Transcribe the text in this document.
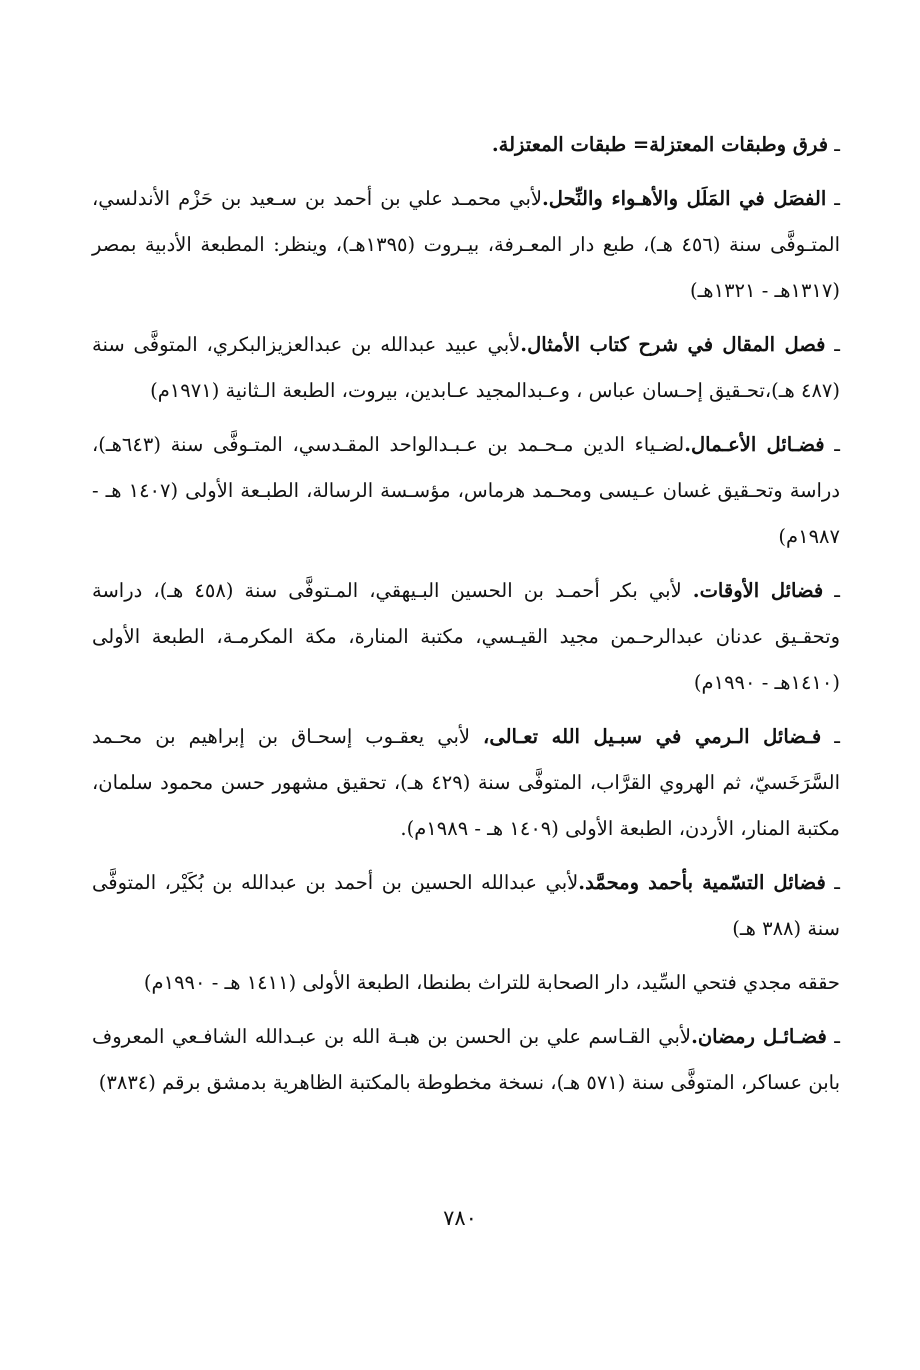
ـ فرق وطبقات المعتزلة= طبقات المعتزلة.

ـ الفصَل في المَلَل والأهـواء والنِّحل.لأبي محمـد علي بن أحمد بن سـعيد بن حَزْم الأندلسي، المتـوفَّى سنة (٤٥٦ هـ)، طبع دار المعـرفة، بيـروت (١٣٩٥هـ)، وينظر: المطبعة الأدبية بمصر (١٣١٧هـ - ١٣٢١هـ)

ـ فصل المقال في شرح كتاب الأمثال.لأبي عبيد عبدالله بن عبدالعزيزالبكري، المتوفَّى سنة (٤٨٧ هـ)،تحـقيق إحـسان عباس ، وعـبدالمجيد عـابدين، بيروت، الطبعة الـثانية (١٩٧١م)

ـ فضـائل الأعـمال.لضـياء الدين مـحـمد بن عـبـدالواحد المقـدسي، المتـوفَّى سنة (٦٤٣هـ)، دراسة وتحـقيق غسان عـيسى ومحـمد هرماس، مؤسـسة الرسالة، الطبـعة الأولى (١٤٠٧ هـ - ١٩٨٧م)

ـ فضائل الأوقات. لأبي بكر أحمـد بن الحسين البـيهقي، المـتوفَّى سنة (٤٥٨ هـ)، دراسة وتحقـيق عدنان عبدالرحـمن مجيد القيـسي، مكتبة المنارة، مكة المكرمـة، الطبعة الأولى (١٤١٠هـ - ١٩٩٠م)

ـ فـضائل الـرمي في سبـيل الله تعـالى، لأبي يعقـوب إسحـاق بن إبراهيم بن محـمد السَّرَخَسيّ، ثم الهروي القرَّاب، المتوفَّى سنة (٤٢٩ هـ)، تحقيق مشهور حسن محمود سلمان، مكتبة المنار، الأردن، الطبعة الأولى (١٤٠٩ هـ - ١٩٨٩م).

ـ فضائل التسّمية بأحمد ومحمَّد.لأبي عبدالله الحسين بن أحمد بن عبدالله بن بُكَيْر، المتوفَّى سنة (٣٨٨ هـ)

حققه مجدي فتحي السِّيد، دار الصحابة للتراث بطنطا، الطبعة الأولى (١٤١١ هـ - ١٩٩٠م)

ـ فضـائـل رمضان.لأبي القـاسم علي بن الحسن بن هبـة الله بن عبـدالله الشافـعي المعروف بابن عساكر، المتوفَّى سنة (٥٧١ هـ)، نسخة مخطوطة بالمكتبة الظاهرية بدمشق برقم (٣٨٣٤)

٧٨٠
